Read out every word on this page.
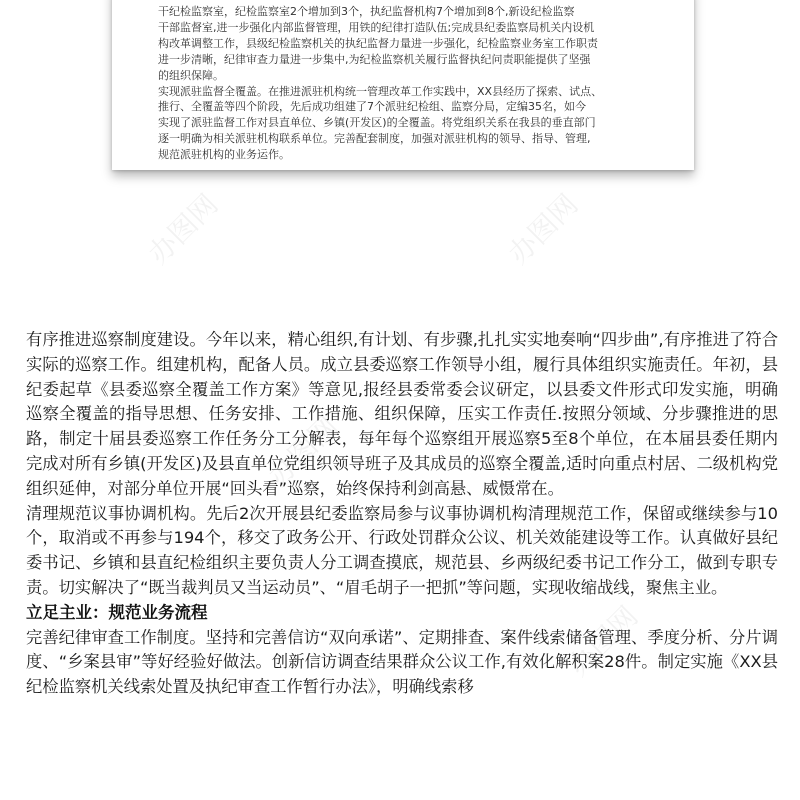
干纪检监察室，纪检监察室2个增加到3个，执纪监督机构7个增加到8个,新设纪检监察

干部监督室,进一步强化内部监督管理，用铁的纪律打造队伍;完成县纪委监察局机关内设机

构改革调整工作，县级纪检监察机关的执纪监督力量进一步强化，纪检监察业务室工作职责

进一步清晰，纪律审查力量进一步集中,为纪检监察机关履行监督执纪问责职能提供了坚强

的组织保障。

实现派驻监督全覆盖。在推进派驻机构统一管理改革工作实践中，XX县经历了探索、试点、

推行、全覆盖等四个阶段，先后成功组建了7个派驻纪检组、监察分局，定编35名，如今

实现了派驻监督工作对县直单位、乡镇(开发区)的全覆盖。将党组织关系在我县的垂直部门

逐一明确为相关派驻机构联系单位。完善配套制度，加强对派驻机构的领导、指导、管理,

规范派驻机构的业务运作。

办图网	办图网
办图网
办图网

有序推进巡察制度建设。今年以来，精心组织,有计划、有步骤,扎扎实实地奏响“四步曲”,有序推进了符合实际的巡察工作。组建机构，配备人员。成立县委巡察工作领导小组，履行具体组织实施责任。年初，县纪委起草《县委巡察全覆盖工作方案》等意见,报经县委常委会议研定，以县委文件形式印发实施，明确巡察全覆盖的指导思想、任务安排、工作措施、组织保障，压实工作责任.按照分领域、分步骤推进的思路，制定十届县委巡察工作任务分工分解表，每年每个巡察组开展巡察5至8个单位，在本届县委任期内完成对所有乡镇(开发区)及县直单位党组织领导班子及其成员的巡察全覆盖,适时向重点村居、二级机构党组织延伸，对部分单位开展“回头看”巡察，始终保持利剑高悬、威慑常在。

清理规范议事协调机构。先后2次开展县纪委监察局参与议事协调机构清理规范工作，保留或继续参与10个，取消或不再参与194个，移交了政务公开、行政处罚群众公议、机关效能建设等工作。认真做好县纪委书记、乡镇和县直纪检组织主要负责人分工调查摸底，规范县、乡两级纪委书记工作分工，做到专职专责。切实解决了“既当裁判员又当运动员”、“眉毛胡子一把抓”等问题，实现收缩战线，聚焦主业。

立足主业：规范业务流程

完善纪律审查工作制度。坚持和完善信访“双向承诺”、定期排查、案件线索储备管理、季度分析、分片调度、“乡案县审”等好经验好做法。创新信访调查结果群众公议工作,有效化解积案28件。制定实施《XX县纪检监察机关线索处置及执纪审查工作暂行办法》，明确线索移
